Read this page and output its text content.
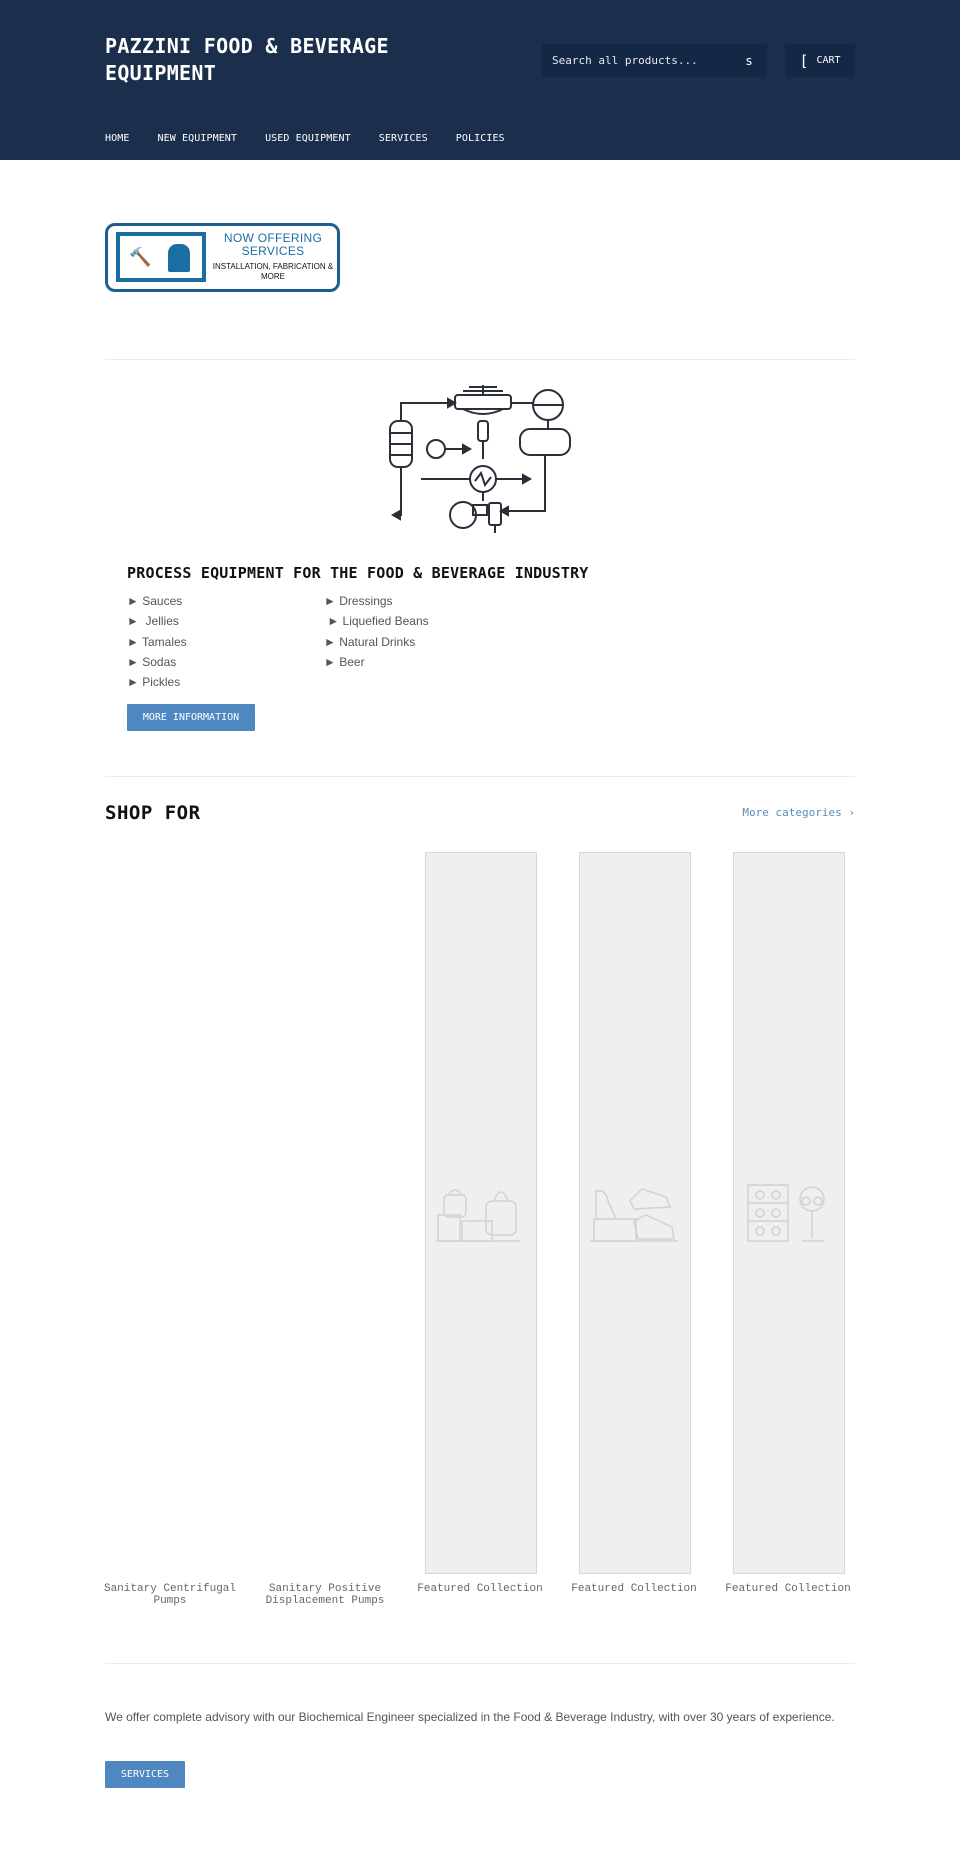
PAZZINI FOOD & BEVERAGE EQUIPMENT
Search all products...
s	[ CART
HOME	NEW EQUIPMENT	USED EQUIPMENT	SERVICES	POLICIES
🔨
NOW OFFERING SERVICES
INSTALLATION, FABRICATION & MORE
PROCESS EQUIPMENT FOR THE FOOD & BEVERAGE INDUSTRY
► Sauces
►  Jellies
► Tamales
► Sodas
► Pickles
► Dressings
► Liquefied Beans
► Natural Drinks
► Beer
MORE INFORMATION
SHOP FOR	More categories ›
Sanitary Centrifugal Pumps
Sanitary Positive Displacement Pumps
Featured Collection	Featured Collection	Featured Collection
We offer complete advisory with our Biochemical Engineer specialized in the Food & Beverage Industry, with over 30 years of experience.
SERVICES
